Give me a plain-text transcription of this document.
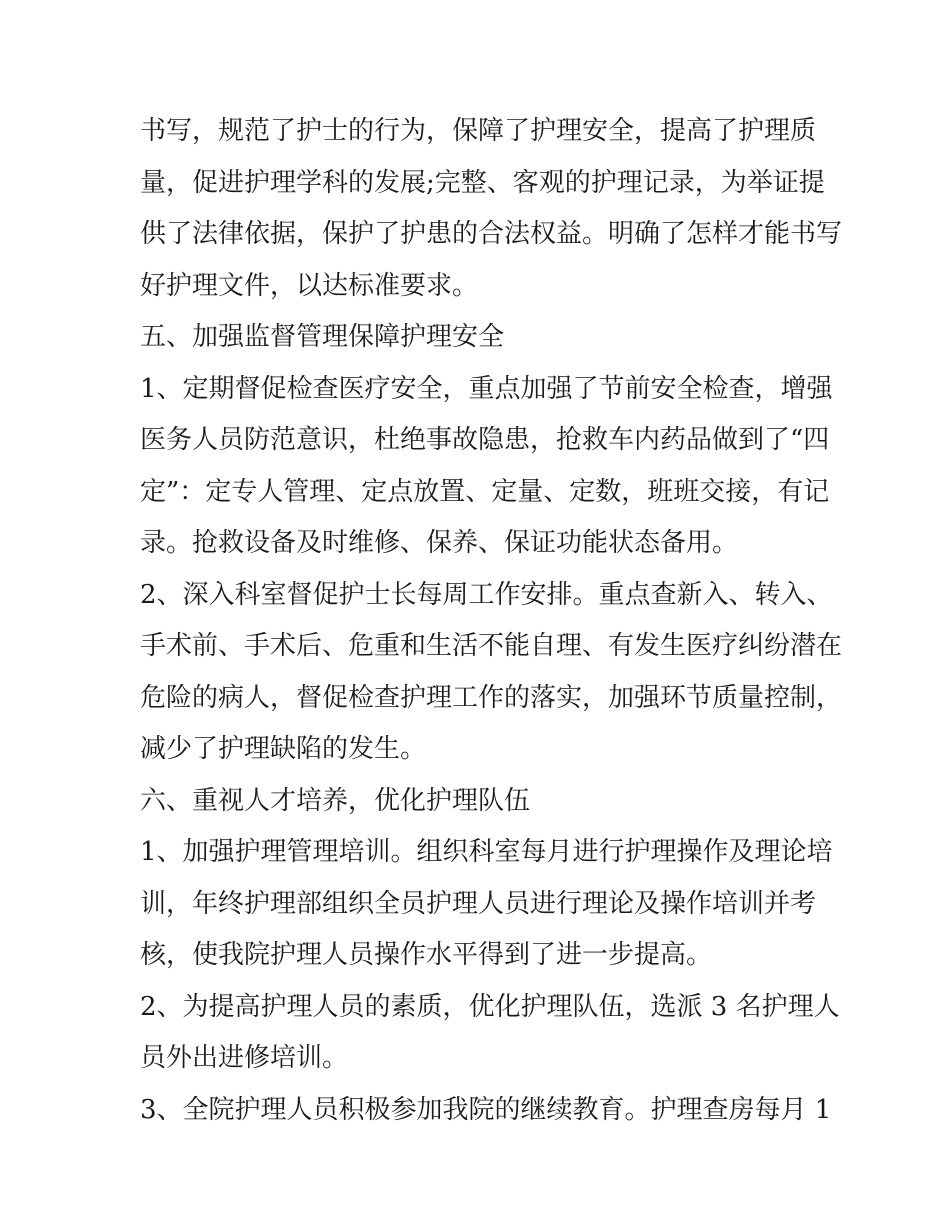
书写，规范了护士的行为，保障了护理安全，提高了护理质
量，促进护理学科的发展;完整、客观的护理记录，为举证提
供了法律依据，保护了护患的合法权益。明确了怎样才能书写
好护理文件，以达标准要求。
五、加强监督管理保障护理安全
1、定期督促检查医疗安全，重点加强了节前安全检查，增强
医务人员防范意识，杜绝事故隐患，抢救车内药品做到了“四
定”：定专人管理、定点放置、定量、定数，班班交接，有记
录。抢救设备及时维修、保养、保证功能状态备用。
2、深入科室督促护士长每周工作安排。重点查新入、转入、
手术前、手术后、危重和生活不能自理、有发生医疗纠纷潜在
危险的病人，督促检查护理工作的落实，加强环节质量控制，
减少了护理缺陷的发生。
六、重视人才培养，优化护理队伍
1、加强护理管理培训。组织科室每月进行护理操作及理论培
训，年终护理部组织全员护理人员进行理论及操作培训并考
核，使我院护理人员操作水平得到了进一步提高。
2、为提高护理人员的素质，优化护理队伍，选派 3 名护理人
员外出进修培训。
3、全院护理人员积极参加我院的继续教育。护理查房每月 1
